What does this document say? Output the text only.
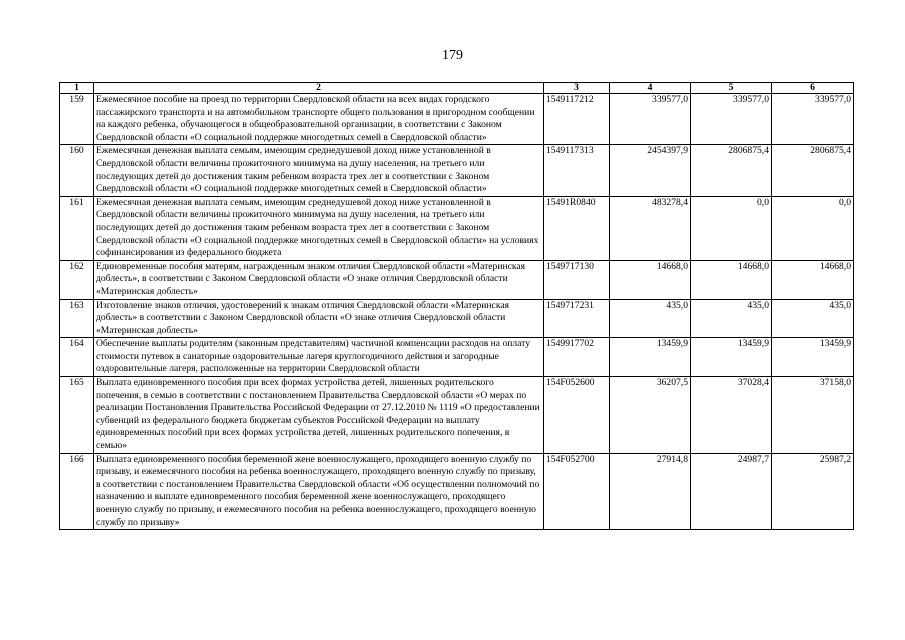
179
1	2	3	4	5	6
159	Ежемесячное пособие на проезд по территории Свердловской области на всех видах городского пассажирского транспорта и на автомобильном транспорте общего пользования в пригородном сообщении на каждого ребенка, обучающегося в общеобразовательной организации, в соответствии с Законом Свердловской области «О социальной поддержке многодетных семей в Свердловской области»	1549117212	339577,0	339577,0	339577,0
160	Ежемесячная денежная выплата семьям, имеющим среднедушевой доход ниже установленной в Свердловской области величины прожиточного минимума на душу населения, на третьего или последующих детей до достижения таким ребенком возраста трех лет в соответствии с Законом Свердловской области «О социальной поддержке многодетных семей в Свердловской области»	1549117313	2454397,9	2806875,4	2806875,4
161	Ежемесячная денежная выплата семьям, имеющим среднедушевой доход ниже установленной в Свердловской области величины прожиточного минимума на душу населения, на третьего или последующих детей до достижения таким ребенком возраста трех лет в соответствии с Законом Свердловской области «О социальной поддержке многодетных семей в Свердловской области» на условиях софинансирования из федерального бюджета	15491R0840	483278,4	0,0	0,0
162	Единовременные пособия матерям, награжденным знаком отличия Свердловской области «Материнская доблесть», в соответствии с Законом Свердловской области «О знаке отличия Свердловской области «Материнская доблесть»	1549717130	14668,0	14668,0	14668,0
163	Изготовление знаков отличия, удостоверений к знакам отличия Свердловской области «Материнская доблесть» в соответствии с Законом Свердловской области «О знаке отличия Свердловской области «Материнская доблесть»	1549717231	435,0	435,0	435,0
164	Обеспечение выплаты родителям (законным представителям) частичной компенсации расходов на оплату стоимости путевок в санаторные оздоровительные лагеря круглогодичного действия и загородные оздоровительные лагеря, расположенные на территории Свердловской области	1549917702	13459,9	13459,9	13459,9
165	Выплата единовременного пособия при всех формах устройства детей, лишенных родительского попечения, в семью в соответствии с постановлением Правительства Свердловской области «О мерах по реализации Постановления Правительства Российской Федерации от 27.12.2010 № 1119 «О предоставлении субвенций из федерального бюджета бюджетам субъектов Российской Федерации на выплату единовременных пособий при всех формах устройства детей, лишенных родительского попечения, в семью»	154F052600	36207,5	37028,4	37158,0
166	Выплата единовременного пособия беременной жене военнослужащего, проходящего военную службу по призыву, и ежемесячного пособия на ребенка военнослужащего, проходящего военную службу по призыву, в соответствии с постановлением Правительства Свердловской области «Об осуществлении полномочий по назначению и выплате единовременного пособия беременной жене военнослужащего, проходящего военную службу по призыву, и ежемесячного пособия на ребенка военнослужащего, проходящего военную службу по призыву»	154F052700	27914,8	24987,7	25987,2
